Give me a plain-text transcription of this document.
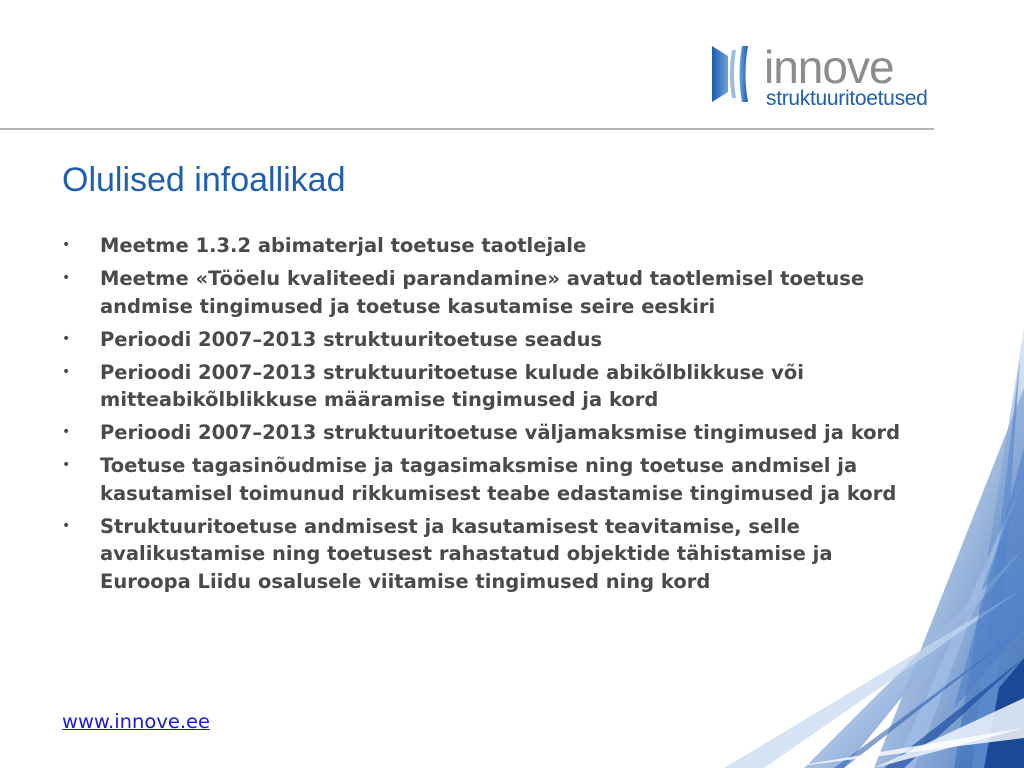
innove
struktuuritoetused
Olulised infoallikad
• Meetme 1.3.2 abimaterjal toetuse taotlejale
• Meetme «Tööelu kvaliteedi parandamine» avatud taotlemisel toetuse andmise tingimused ja toetuse kasutamise seire eeskiri
• Perioodi 2007–2013 struktuuritoetuse seadus
• Perioodi 2007–2013 struktuuritoetuse kulude abikõlblikkuse või mitteabikõlblikkuse määramise tingimused ja kord
• Perioodi 2007–2013 struktuuritoetuse väljamaksmise tingimused ja kord
• Toetuse tagasinõudmise ja tagasimaksmise ning toetuse andmisel ja kasutamisel toimunud rikkumisest teabe edastamise tingimused ja kord
• Struktuuritoetuse andmisest ja kasutamisest teavitamise, selle avalikustamise ning toetusest rahastatud objektide tähistamise ja Euroopa Liidu osalusele viitamise tingimused ning kord
www.innove.ee
